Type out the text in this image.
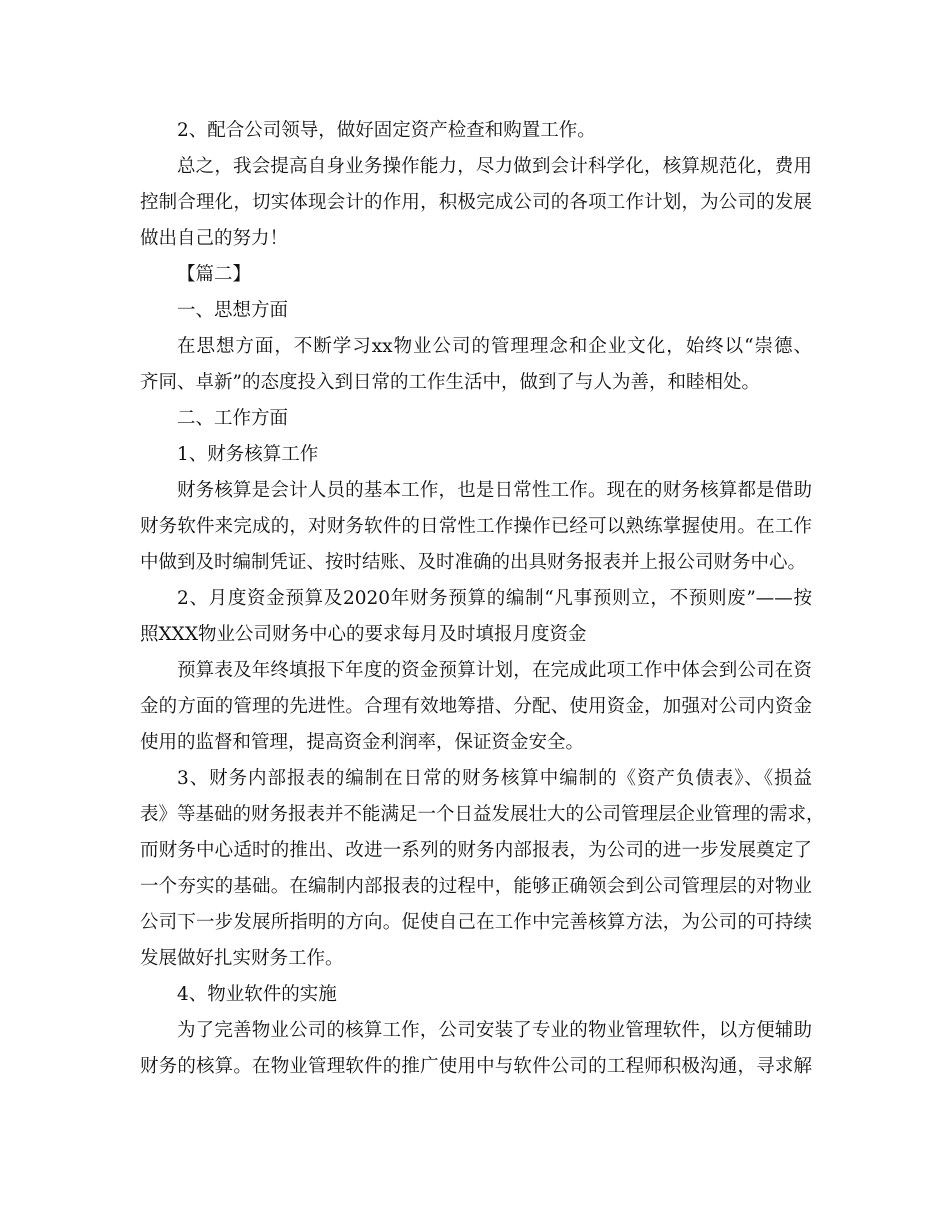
2、配合公司领导，做好固定资产检查和购置工作。
总之，我会提高自身业务操作能力，尽力做到会计科学化，核算规范化，费用
控制合理化，切实体现会计的作用，积极完成公司的各项工作计划，为公司的发展
做出自己的努力！
【篇二】
一、思想方面
在思想方面，不断学习xx物业公司的管理理念和企业文化，始终以“崇德、
齐同、卓新”的态度投入到日常的工作生活中，做到了与人为善，和睦相处。
二、工作方面
1、财务核算工作
财务核算是会计人员的基本工作，也是日常性工作。现在的财务核算都是借助
财务软件来完成的，对财务软件的日常性工作操作已经可以熟练掌握使用。在工作
中做到及时编制凭证、按时结账、及时准确的出具财务报表并上报公司财务中心。
2、月度资金预算及2020年财务预算的编制“凡事预则立，不预则废”——按
照XXX物业公司财务中心的要求每月及时填报月度资金
预算表及年终填报下年度的资金预算计划，在完成此项工作中体会到公司在资
金的方面的管理的先进性。合理有效地筹措、分配、使用资金，加强对公司内资金
使用的监督和管理，提高资金利润率，保证资金安全。
3、财务内部报表的编制在日常的财务核算中编制的《资产负债表》、《损益
表》等基础的财务报表并不能满足一个日益发展壮大的公司管理层企业管理的需求，
而财务中心适时的推出、改进一系列的财务内部报表，为公司的进一步发展奠定了
一个夯实的基础。在编制内部报表的过程中，能够正确领会到公司管理层的对物业
公司下一步发展所指明的方向。促使自己在工作中完善核算方法，为公司的可持续
发展做好扎实财务工作。
4、物业软件的实施
为了完善物业公司的核算工作，公司安装了专业的物业管理软件，以方便辅助
财务的核算。在物业管理软件的推广使用中与软件公司的工程师积极沟通，寻求解
